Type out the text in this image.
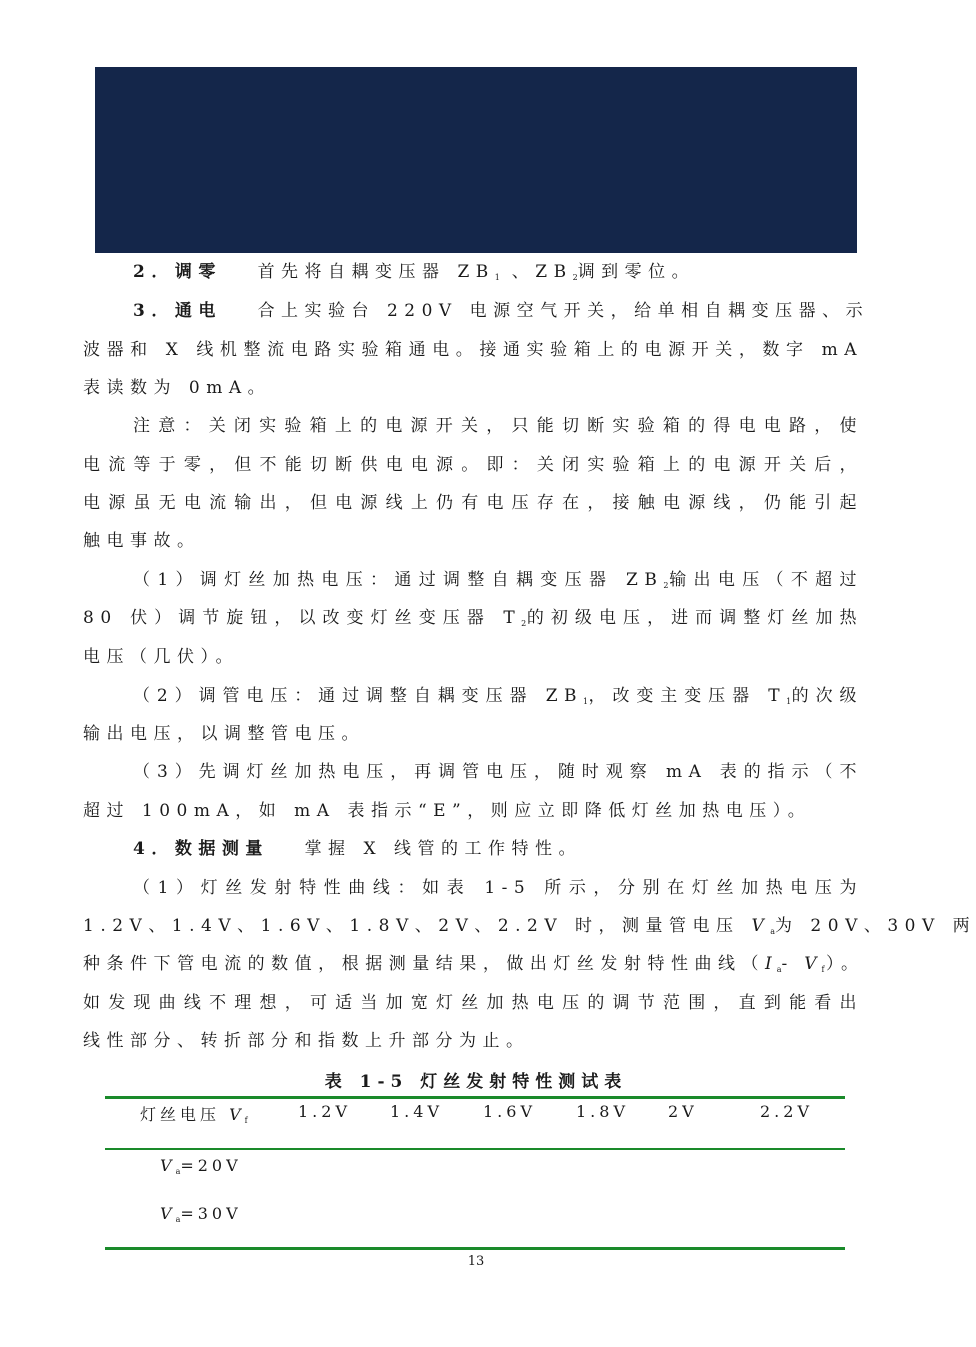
2．调零 首先将自耦变压器 $ZB_1$ 、$ZB_2$调到零位。
3．通电 合上实验台 220V 电源空气开关，给单相自耦变压器、示
波器和 X 线机整流电路实验箱通电。接通实验箱上的电源开关，数字 mA
表读数为 0mA。
注意：关闭实验箱上的电源开关，只能切断实验箱的得电电路，使
电流等于零，但不能切断供电电源。即：关闭实验箱上的电源开关后，
电源虽无电流输出，但电源线上仍有电压存在，接触电源线，仍能引起
触电事故。
（1）调灯丝加热电压：通过调整自耦变压器 $ZB_2$输出电压（不超过
80 伏）调节旋钮，以改变灯丝变压器 $T_2$的初级电压，进而调整灯丝加热
电压（几伏）。
（2）调管电压：通过调整自耦变压器 $ZB_1$，改变主变压器 $T_1$的次级
输出电压，以调整管电压。
（3）先调灯丝加热电压，再调管电压，随时观察 mA 表的指示（不
超过 100mA，如 mA 表指示“E”，则应立即降低灯丝加热电压）。
4．数据测量 掌握 X 线管的工作特性。
（1）灯丝发射特性曲线：如表 1-5 所示，分别在灯丝加热电压为
1.2V、1.4V、1.6V、1.8V、2V、2.2V 时，测量管电压 $V_a$为 20V、30V 两
种条件下管电流的数值，根据测量结果，做出灯丝发射特性曲线（$I_a-$ $V_f$）。
如发现曲线不理想，可适当加宽灯丝加热电压的调节范围，直到能看出
线性部分、转折部分和指数上升部分为止。
表 1-5 灯丝发射特性测试表
灯丝电压 $V_f$	1.2V 1.4V	1.6V	1.8V 2V	2.2V
$V_a=20V$
$V_a=30V$
13
